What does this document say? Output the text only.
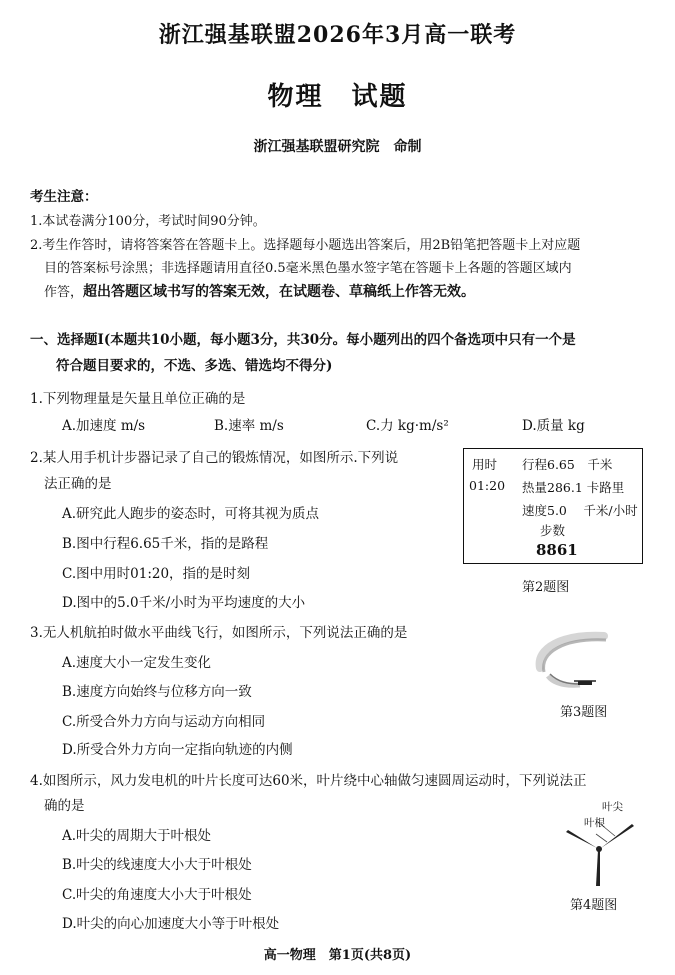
浙江强基联盟2026年3月高一联考
物理　试题
浙江强基联盟研究院　命制
考生注意：
1.本试卷满分100分，考试时间90分钟。
2.考生作答时，请将答案答在答题卡上。选择题每小题选出答案后，用2B铅笔把答题卡上对应题
目的答案标号涂黑；非选择题请用直径0.5毫米黑色墨水签字笔在答题卡上各题的答题区域内
作答，超出答题区域书写的答案无效，在试题卷、草稿纸上作答无效。
一、选择题Ⅰ(本题共10小题，每小题3分，共30分。每小题列出的四个备选项中只有一个是
符合题目要求的，不选、多选、错选均不得分)
1.下列物理量是矢量且单位正确的是
A.加速度 m/s	B.速率 m/s	C.力 kg·m/s²	D.质量 kg
2.某人用手机计步器记录了自己的锻炼情况，如图所示.下列说
法正确的是
A.研究此人跑步的姿态时，可将其视为质点
B.图中行程6.65千米，指的是路程
C.图中用时01:20，指的是时刻
D.图中的5.0千米/小时为平均速度的大小
用时
01:20
行程6.65　千米
热量286.1 卡路里
速度5.0　 千米/小时
步数
8861
第2题图
3.无人机航拍时做水平曲线飞行，如图所示，下列说法正确的是
A.速度大小一定发生变化
B.速度方向始终与位移方向一致
C.所受合外力方向与运动方向相同
D.所受合外力方向一定指向轨迹的内侧
第3题图
4.如图所示，风力发电机的叶片长度可达60米，叶片绕中心轴做匀速圆周运动时，下列说法正
确的是
A.叶尖的周期大于叶根处
B.叶尖的线速度大小大于叶根处
C.叶尖的角速度大小大于叶根处
D.叶尖的向心加速度大小等于叶根处
叶尖
叶根
第4题图
高一物理　第1页(共8页)
